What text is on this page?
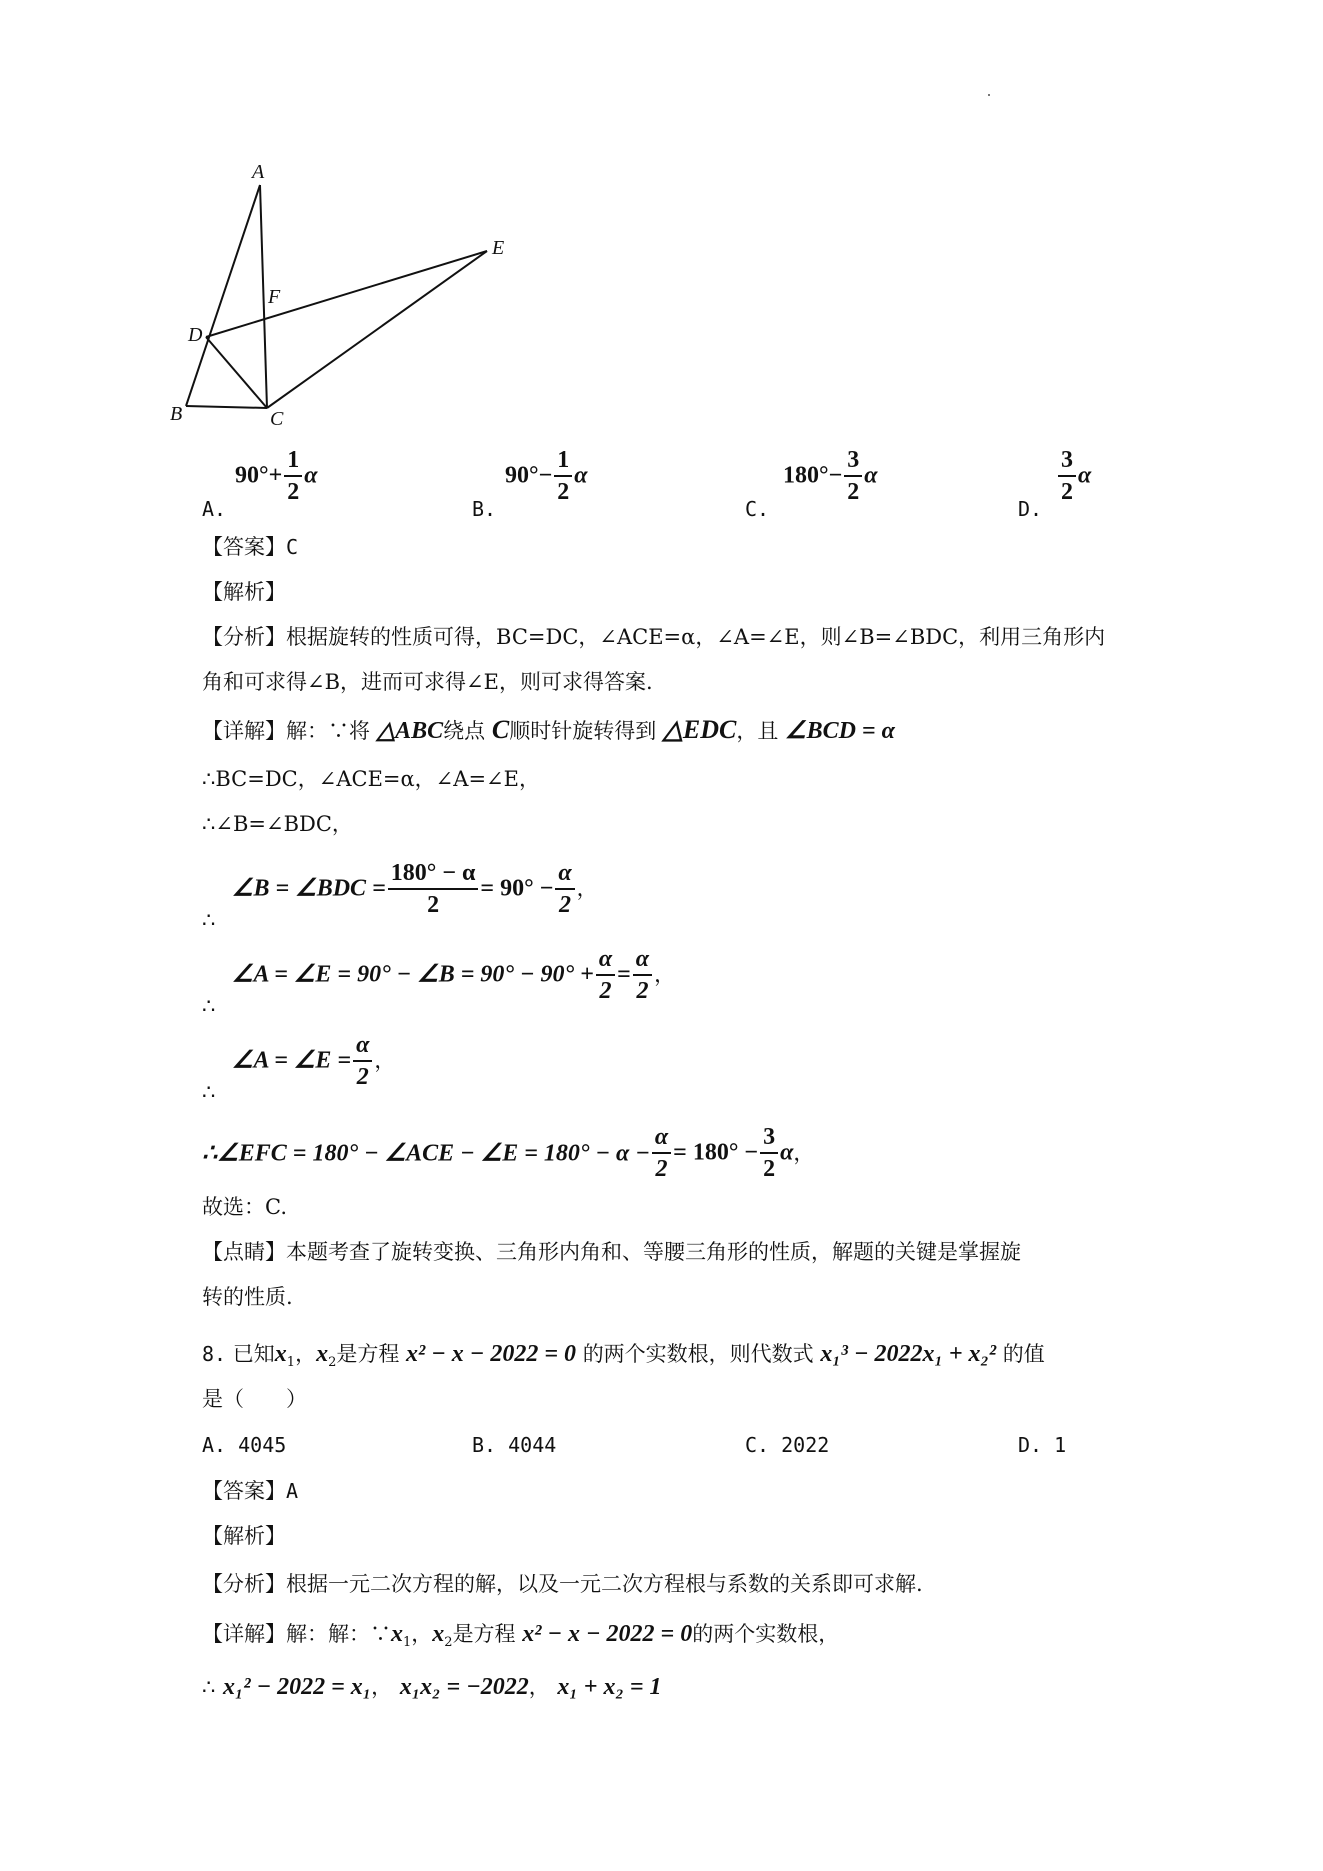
A
B	C
D
E
F
A.
$90^\circ+ \frac{1}{2}$ α
B.
$90^\circ- \frac{1}{2}$ α
C.
$180^\circ- \frac{3}{2}$ α
D.
$\frac{3}{2}$ α
【答案】C
【解析】
【分析】根据旋转的性质可得，BC=DC，∠ACE=α，∠A=∠E，则∠B=∠BDC，利用三角形内
角和可求得∠B，进而可求得∠E，则可求得答案.
【详解】解：∵将 △ABC绕点 C顺时针旋转得到 △EDC，且 ∠BCD = α
∴BC=DC，∠ACE=α，∠A=∠E，
∴∠B=∠BDC，
∴
∠B = ∠BDC = $\frac{180^\circ - \alpha}{2} = 90^\circ - \frac{\alpha}{2}$ ，
∴
∠A = ∠E = 90° − ∠B = $90^\circ - 90^\circ + \frac{\alpha}{2} = \frac{\alpha}{2}$ ，
∴
∠A = ∠E = $\frac{\alpha}{2}$ ，
∴∠EFC = 180° − ∠ACE − ∠E = $180^\circ - \alpha - \frac{\alpha}{2} = 180^\circ - \frac{3}{2}$ α，
故选：C.
【点睛】本题考查了旋转变换、三角形内角和、等腰三角形的性质，解题的关键是掌握旋
转的性质.
8. 已知$x_1$，$x_2$是方程 x² − x − 2022 = 0 的两个实数根，则代数式 x₁³ − 2022x₁ + x₂² 的值
是（　　）
A. 4045	B. 4044	C. 2022	D. 1
【答案】A
【解析】
【分析】根据一元二次方程的解，以及一元二次方程根与系数的关系即可求解.
【详解】解：解：$\because x_1$，$x_2$是方程 x² − x − 2022 = 0的两个实数根，
∴ x₁² − 2022 = x₁， x₁x₂ = −2022， x₁ + x₂ = 1
